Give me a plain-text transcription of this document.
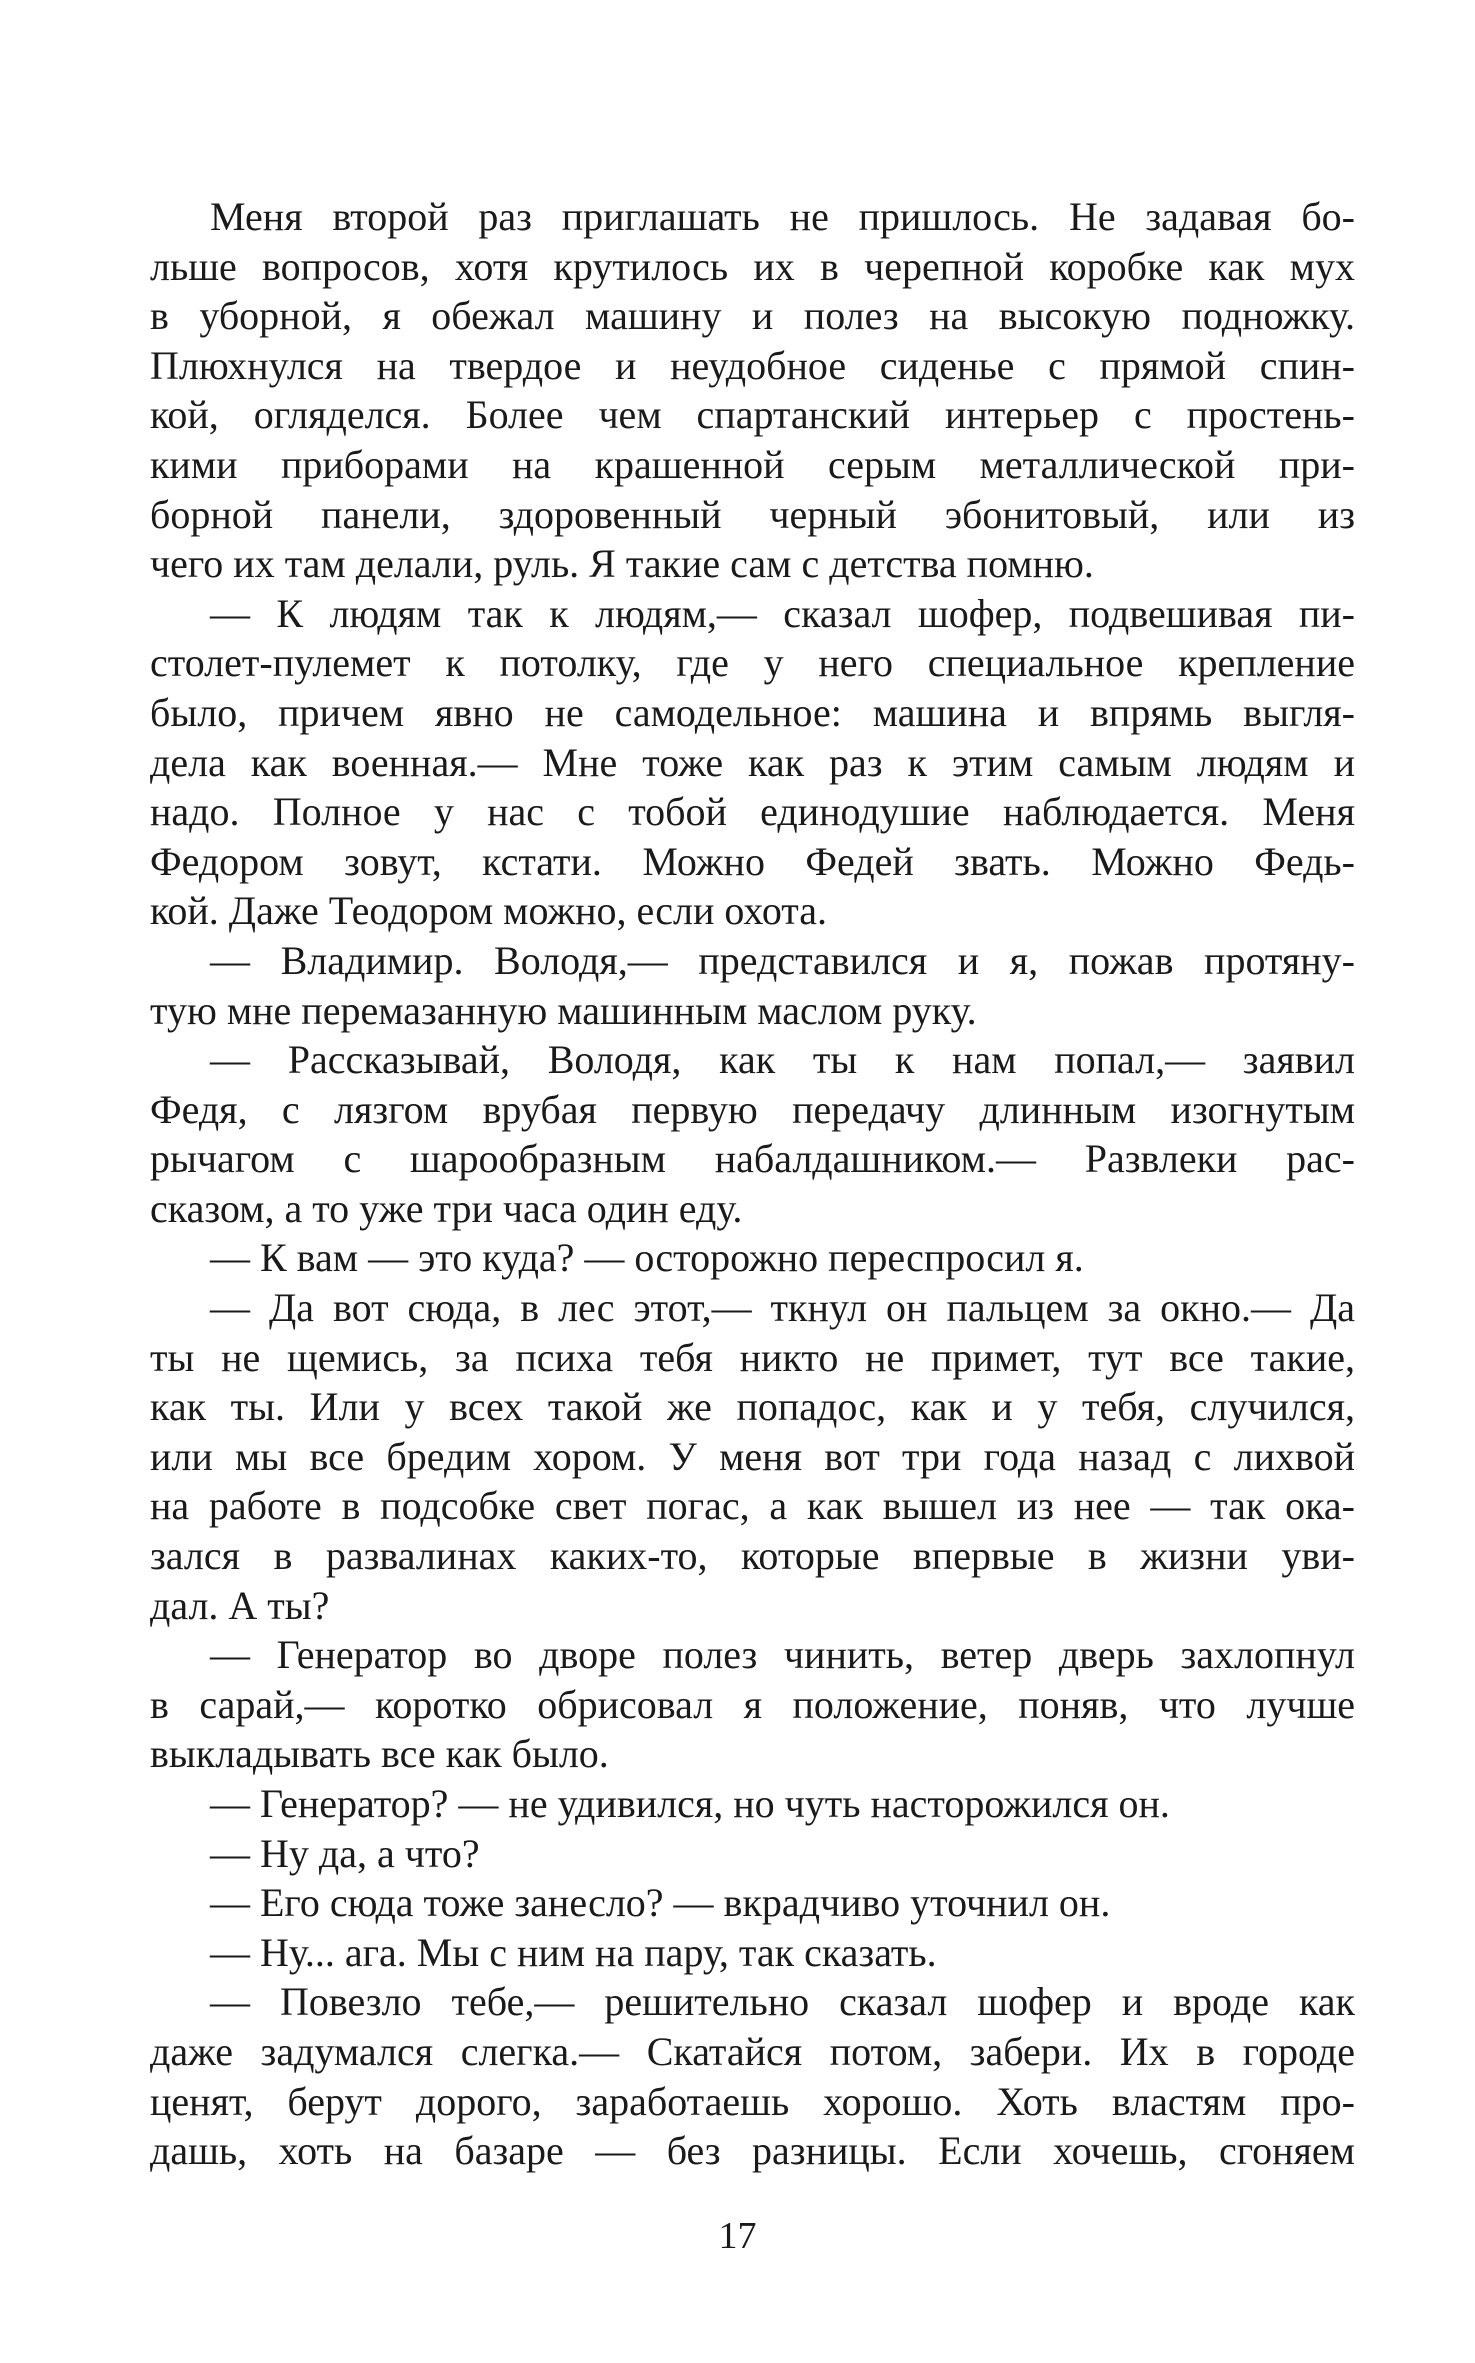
Меня второй раз приглашать не пришлось. Не задавая бо-
льше вопросов, хотя крутилось их в черепной коробке как мух
в уборной, я обежал машину и полез на высокую подножку.
Плюхнулся на твердое и неудобное сиденье с прямой спин-
кой, огляделся. Более чем спартанский интерьер с простень-
кими приборами на крашенной серым металлической при-
борной панели, здоровенный черный эбонитовый, или из
чего их там делали, руль. Я такие сам с детства помню.
— К людям так к людям,— сказал шофер, подвешивая пи-
столет-пулемет к потолку, где у него специальное крепление
было, причем явно не самодельное: машина и впрямь выгля-
дела как военная.— Мне тоже как раз к этим самым людям и
надо. Полное у нас с тобой единодушие наблюдается. Меня
Федором зовут, кстати. Можно Федей звать. Можно Федь-
кой. Даже Теодором можно, если охота.
— Владимир. Володя,— представился и я, пожав протяну-
тую мне перемазанную машинным маслом руку.
— Рассказывай, Володя, как ты к нам попал,— заявил
Федя, с лязгом врубая первую передачу длинным изогнутым
рычагом с шарообразным набалдашником.— Развлеки рас-
сказом, а то уже три часа один еду.
— К вам — это куда? — осторожно переспросил я.
— Да вот сюда, в лес этот,— ткнул он пальцем за окно.— Да
ты не щемись, за психа тебя никто не примет, тут все такие,
как ты. Или у всех такой же попадос, как и у тебя, случился,
или мы все бредим хором. У меня вот три года назад с лихвой
на работе в подсобке свет погас, а как вышел из нее — так ока-
зался в развалинах каких-то, которые впервые в жизни уви-
дал. А ты?
— Генератор во дворе полез чинить, ветер дверь захлопнул
в сарай,— коротко обрисовал я положение, поняв, что лучше
выкладывать все как было.
— Генератор? — не удивился, но чуть насторожился он.
— Ну да, а что?
— Его сюда тоже занесло? — вкрадчиво уточнил он.
— Ну... ага. Мы с ним на пару, так сказать.
— Повезло тебе,— решительно сказал шофер и вроде как
даже задумался слегка.— Скатайся потом, забери. Их в городе
ценят, берут дорого, заработаешь хорошо. Хоть властям про-
дашь, хоть на базаре — без разницы. Если хочешь, сгоняем
17
